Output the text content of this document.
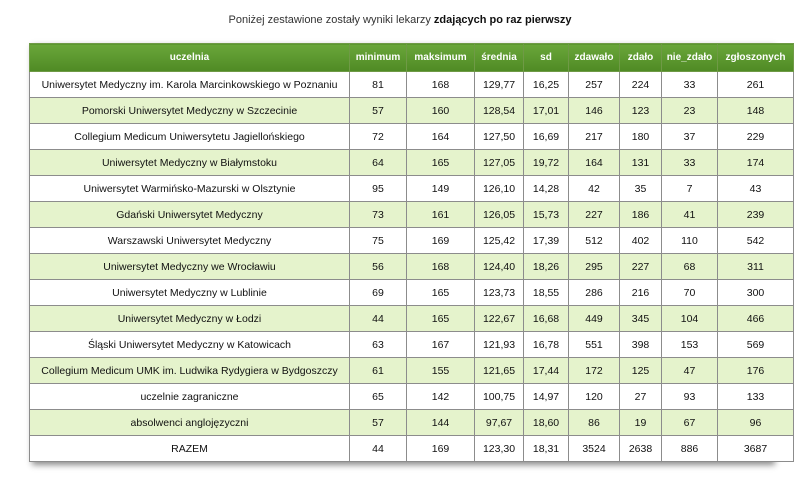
Poniżej zestawione zostały wyniki lekarzy zdających po raz pierwszy
uczelnia	minimum	maksimum	średnia	sd	zdawało	zdało	nie_zdało	zgłoszonych
Uniwersytet Medyczny im. Karola Marcinkowskiego w Poznaniu	81	168	129,77	16,25	257	224	33	261
Pomorski Uniwersytet Medyczny w Szczecinie	57	160	128,54	17,01	146	123	23	148
Collegium Medicum Uniwersytetu Jagiellońskiego	72	164	127,50	16,69	217	180	37	229
Uniwersytet Medyczny w Białymstoku	64	165	127,05	19,72	164	131	33	174
Uniwersytet Warmińsko-Mazurski w Olsztynie	95	149	126,10	14,28	42	35	7	43
Gdański Uniwersytet Medyczny	73	161	126,05	15,73	227	186	41	239
Warszawski Uniwersytet Medyczny	75	169	125,42	17,39	512	402	110	542
Uniwersytet Medyczny we Wrocławiu	56	168	124,40	18,26	295	227	68	311
Uniwersytet Medyczny w Lublinie	69	165	123,73	18,55	286	216	70	300
Uniwersytet Medyczny w Łodzi	44	165	122,67	16,68	449	345	104	466
Śląski Uniwersytet Medyczny w Katowicach	63	167	121,93	16,78	551	398	153	569
Collegium Medicum UMK im. Ludwika Rydygiera w Bydgoszczy	61	155	121,65	17,44	172	125	47	176
uczelnie zagraniczne	65	142	100,75	14,97	120	27	93	133
absolwenci anglojęzyczni	57	144	97,67	18,60	86	19	67	96
RAZEM	44	169	123,30	18,31	3524	2638	886	3687
